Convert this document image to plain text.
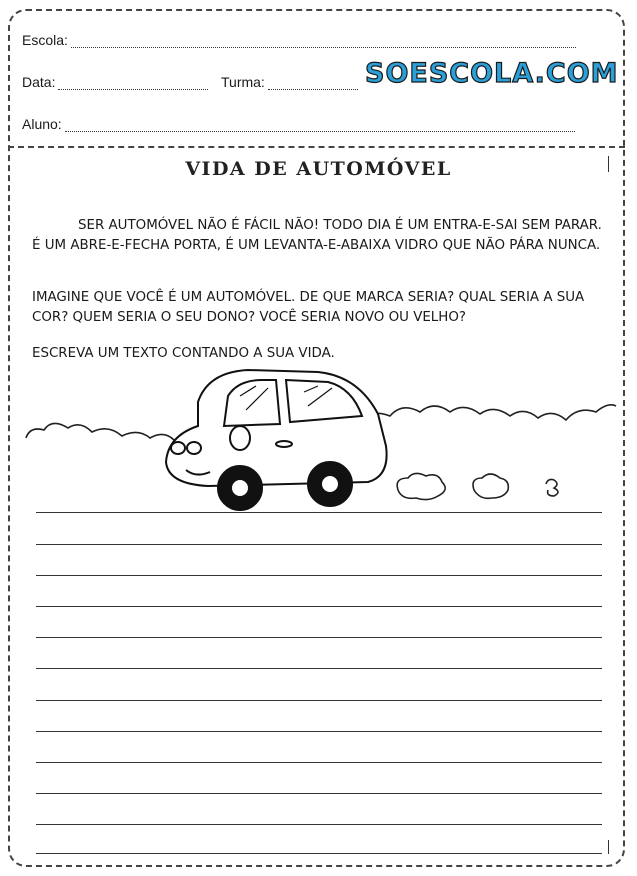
Escola:
Data:	Turma:	SOESCOLA.COM
Aluno:
VIDA DE AUTOMÓVEL

SER AUTOMÓVEL NÃO É FÁCIL NÃO! TODO DIA É UM ENTRA-E-SAI SEM PARAR. É UM ABRE-E-FECHA PORTA, É UM LEVANTA-E-ABAIXA VIDRO QUE NÃO PÁRA NUNCA.

IMAGINE QUE VOCÊ É UM AUTOMÓVEL. DE QUE MARCA SERIA? QUAL SERIA A SUA COR? QUEM SERIA O SEU DONO? VOCÊ SERIA NOVO OU VELHO?

ESCREVA UM TEXTO CONTANDO A SUA VIDA.
